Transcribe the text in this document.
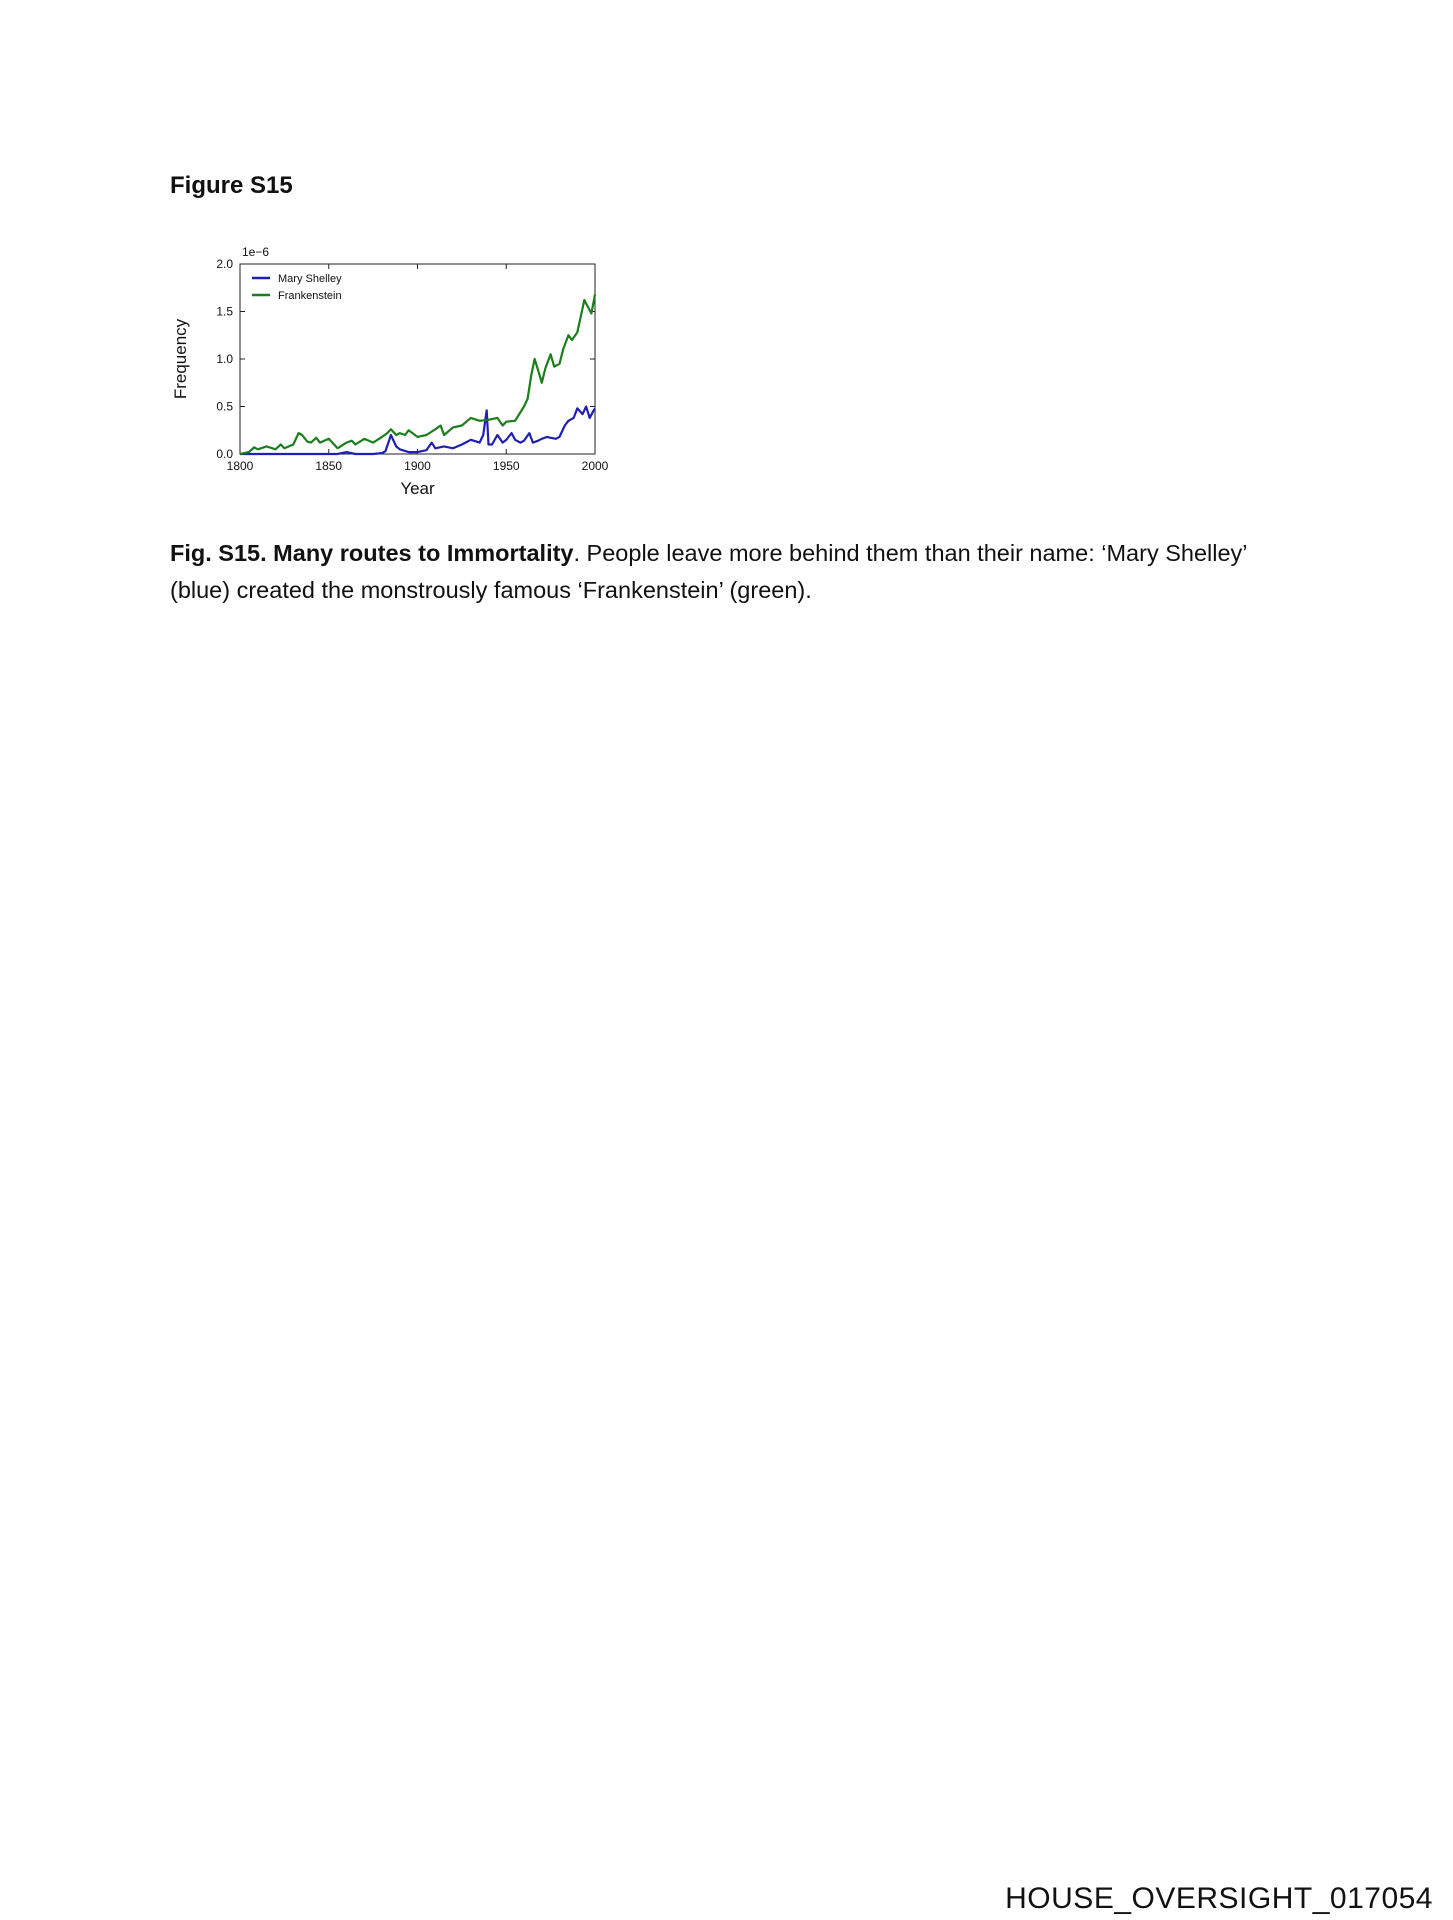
Figure S15
1800	1850	1900	1950	2000
0.0
0.5
1.0
1.5
2.0
1e−6
Year
Frequency
Mary Shelley
Frankenstein

Fig. S15. Many routes to Immortality. People leave more behind them than their name: ‘Mary Shelley’ (blue) created the monstrously famous ‘Frankenstein’ (green).

HOUSE_OVERSIGHT_017054
